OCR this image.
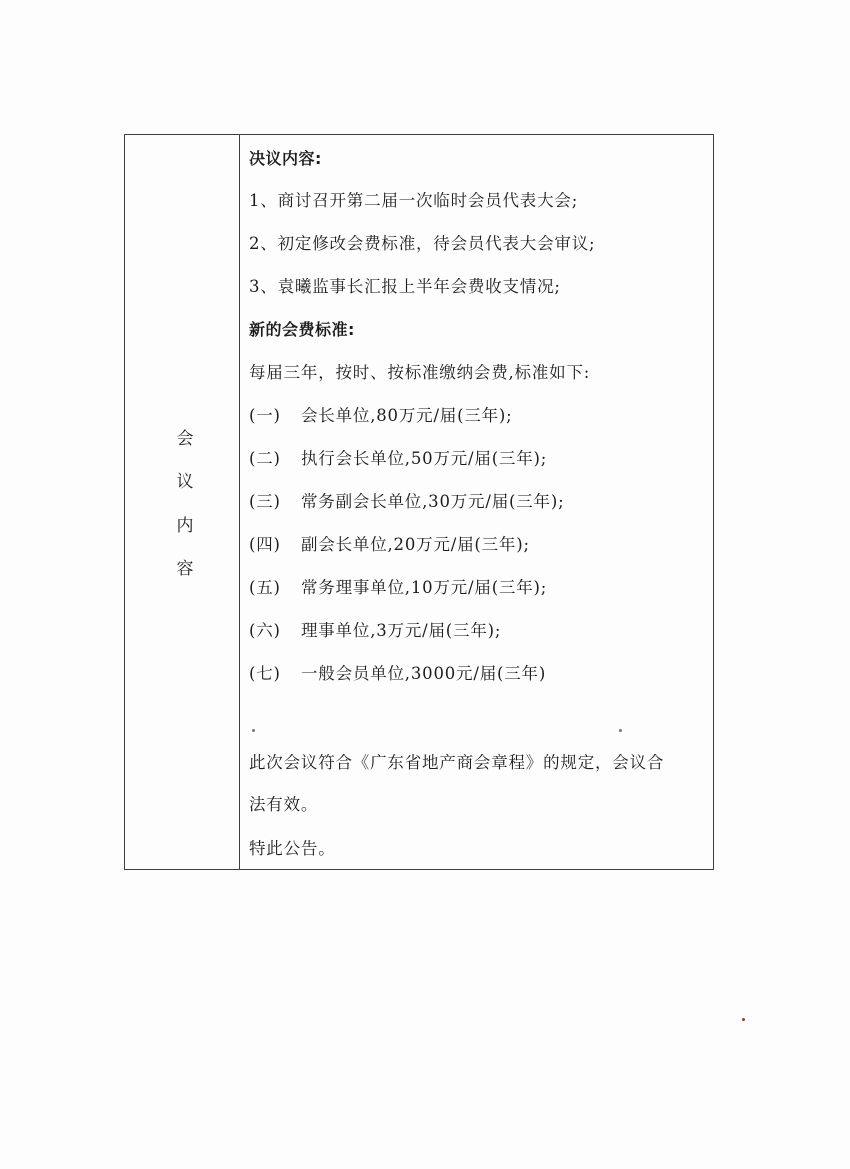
会
议
内
容
决议内容:
1、商讨召开第二届一次临时会员代表大会;
2、初定修改会费标准，待会员代表大会审议;
3、袁曦监事长汇报上半年会费收支情况;
新的会费标准:
每届三年，按时、按标准缴纳会费,标准如下:
(一) 会长单位,80万元/届(三年);
(二) 执行会长单位,50万元/届(三年);
(三) 常务副会长单位,30万元/届(三年);
(四) 副会长单位,20万元/届(三年);
(五) 常务理事单位,10万元/届(三年);
(六) 理事单位,3万元/届(三年);
(七) 一般会员单位,3000元/届(三年)
此次会议符合《广东省地产商会章程》的规定，会议合
法有效。
特此公告。
